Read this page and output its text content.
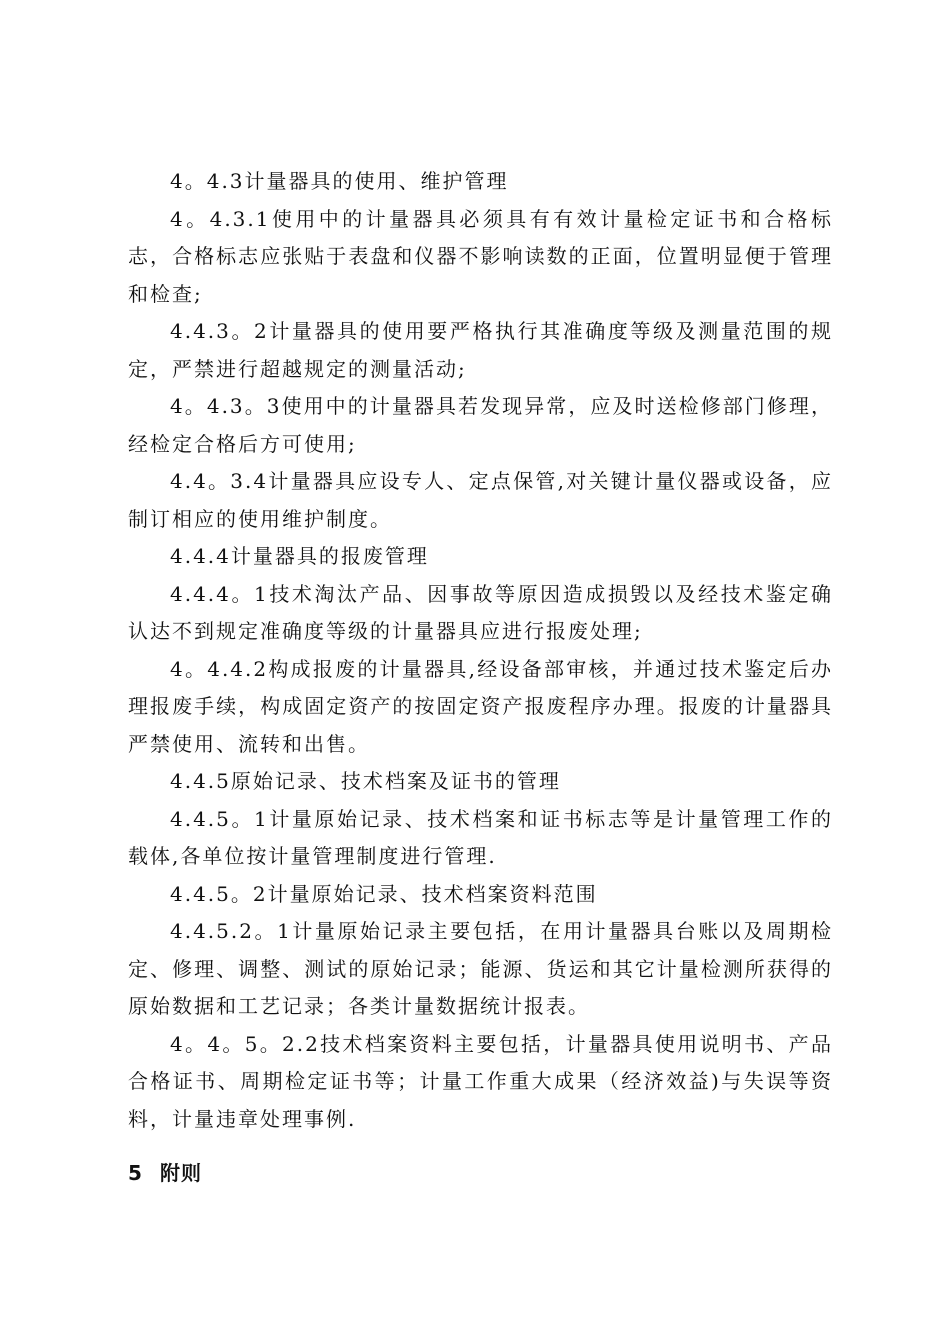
4。4.3计量器具的使用、维护管理

4。4.3.1使用中的计量器具必须具有有效计量检定证书和合格标志，合格标志应张贴于表盘和仪器不影响读数的正面，位置明显便于管理和检查;

4.4.3。2计量器具的使用要严格执行其准确度等级及测量范围的规定，严禁进行超越规定的测量活动;

4。4.3。3使用中的计量器具若发现异常，应及时送检修部门修理，经检定合格后方可使用;

4.4。3.4计量器具应设专人、定点保管,对关键计量仪器或设备，应制订相应的使用维护制度。

4.4.4计量器具的报废管理

4.4.4。1技术淘汰产品、因事故等原因造成损毁以及经技术鉴定确认达不到规定准确度等级的计量器具应进行报废处理;

4。4.4.2构成报废的计量器具,经设备部审核，并通过技术鉴定后办理报废手续，构成固定资产的按固定资产报废程序办理。报废的计量器具严禁使用、流转和出售。

4.4.5原始记录、技术档案及证书的管理

4.4.5。1计量原始记录、技术档案和证书标志等是计量管理工作的载体,各单位按计量管理制度进行管理.

4.4.5。2计量原始记录、技术档案资料范围

4.4.5.2。1计量原始记录主要包括，在用计量器具台账以及周期检定、修理、调整、测试的原始记录；能源、货运和其它计量检测所获得的原始数据和工艺记录；各类计量数据统计报表。

4。4。5。2.2技术档案资料主要包括，计量器具使用说明书、产品合格证书、周期检定证书等；计量工作重大成果（经济效益)与失误等资料，计量违章处理事例.

5 附则
